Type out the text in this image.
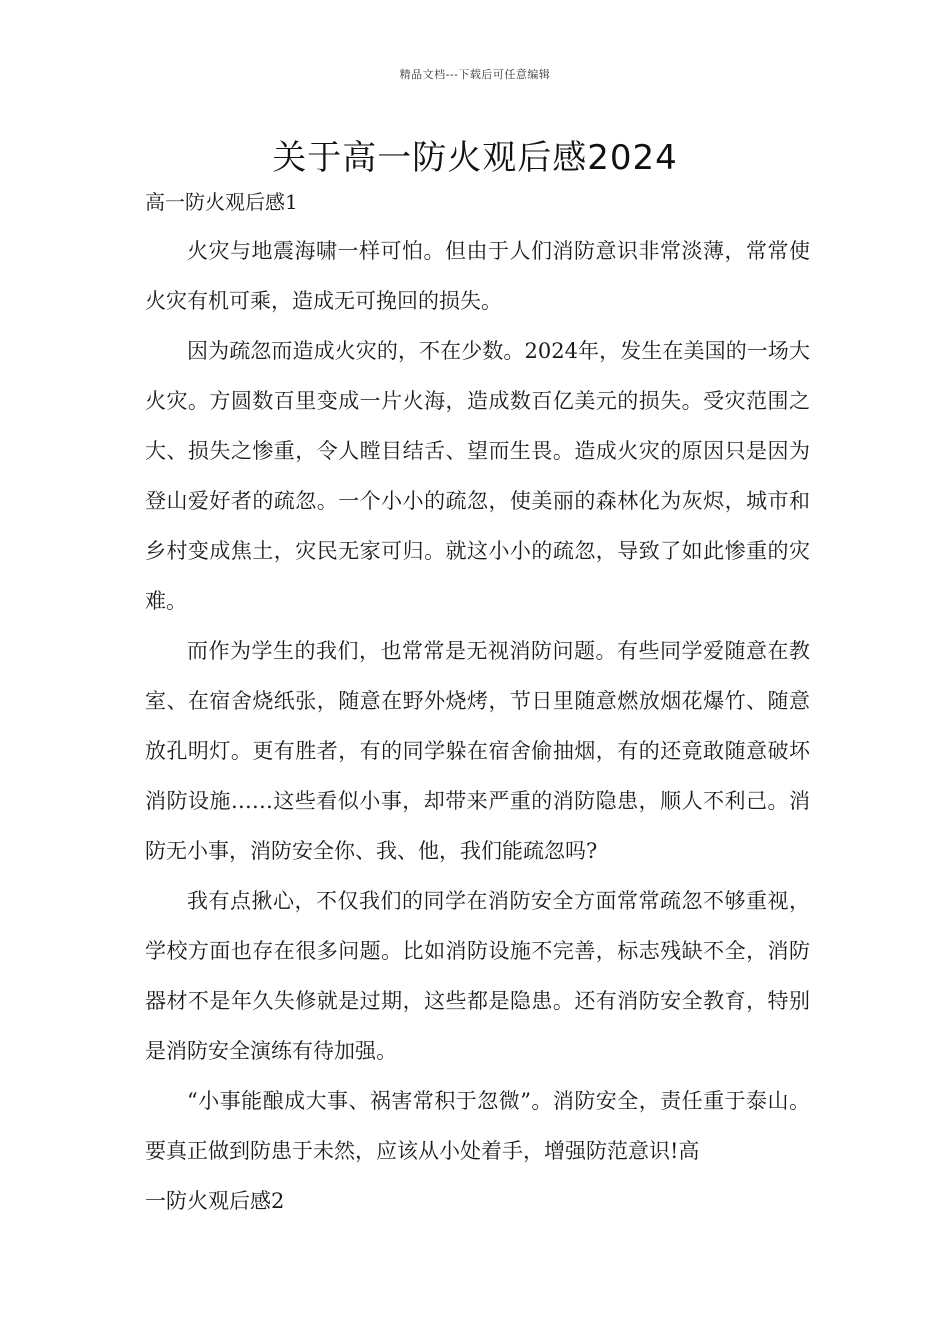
精品文档---下载后可任意编辑
关于高一防火观后感2024
高一防火观后感1

火灾与地震海啸一样可怕。但由于人们消防意识非常淡薄，常常使火灾有机可乘，造成无可挽回的损失。

因为疏忽而造成火灾的，不在少数。2024年，发生在美国的一场大火灾。方圆数百里变成一片火海，造成数百亿美元的损失。受灾范围之大、损失之惨重，令人瞠目结舌、望而生畏。造成火灾的原因只是因为登山爱好者的疏忽。一个小小的疏忽，使美丽的森林化为灰烬，城市和乡村变成焦土，灾民无家可归。就这小小的疏忽，导致了如此惨重的灾难。

而作为学生的我们，也常常是无视消防问题。有些同学爱随意在教室、在宿舍烧纸张，随意在野外烧烤，节日里随意燃放烟花爆竹、随意放孔明灯。更有胜者，有的同学躲在宿舍偷抽烟，有的还竟敢随意破坏消防设施……这些看似小事，却带来严重的消防隐患，顺人不利己。消防无小事，消防安全你、我、他，我们能疏忽吗?

我有点揪心，不仅我们的同学在消防安全方面常常疏忽不够重视，学校方面也存在很多问题。比如消防设施不完善，标志残缺不全，消防器材不是年久失修就是过期，这些都是隐患。还有消防安全教育，特别是消防安全演练有待加强。

“小事能酿成大事、祸害常积于忽微”。消防安全，责任重于泰山。要真正做到防患于未然，应该从小处着手，增强防范意识!高

一防火观后感2
